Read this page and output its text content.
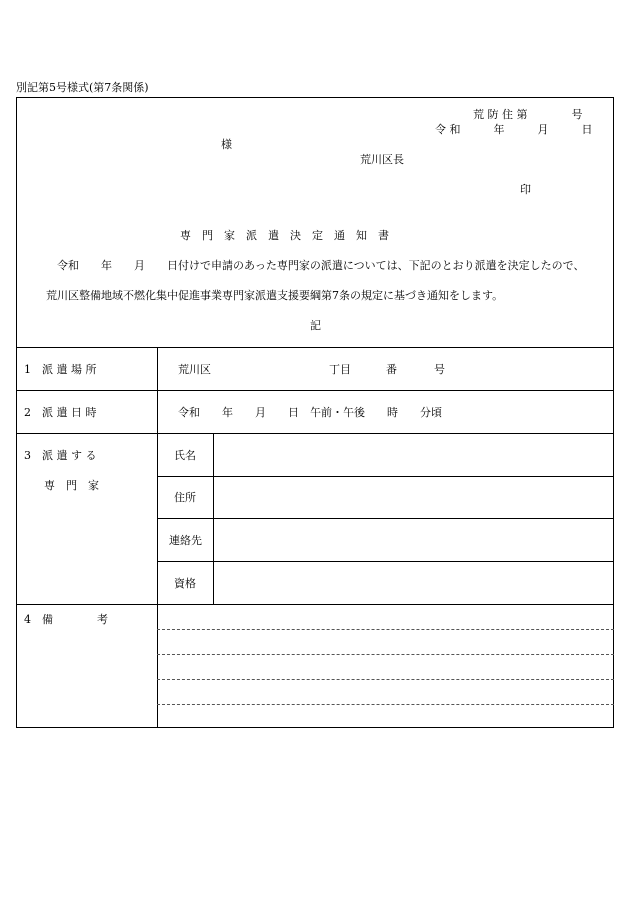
別記第5号様式(第7条関係)
荒 防 住 第　　　　号
令 和　　　年　　　月　　　日
様
荒川区長
印
専　門　家　派　遣　決　定　通　知　書
令和　　年　　月　　日付けで申請のあった専門家の派遣については、下記のとおり派遣を決定したので、
荒川区整備地域不燃化集中促進事業専門家派遣支援要綱第7条の規定に基づき通知をします。
記
1　派 遣 場 所	荒川区	丁目	番	号
2　派 遣 日 時	令和　　年　　月　　日　午前・午後　　時　　分頃
3　派 遣 す る
専　門　家
氏名
住所
連絡先
資格
4　備　　　　考
